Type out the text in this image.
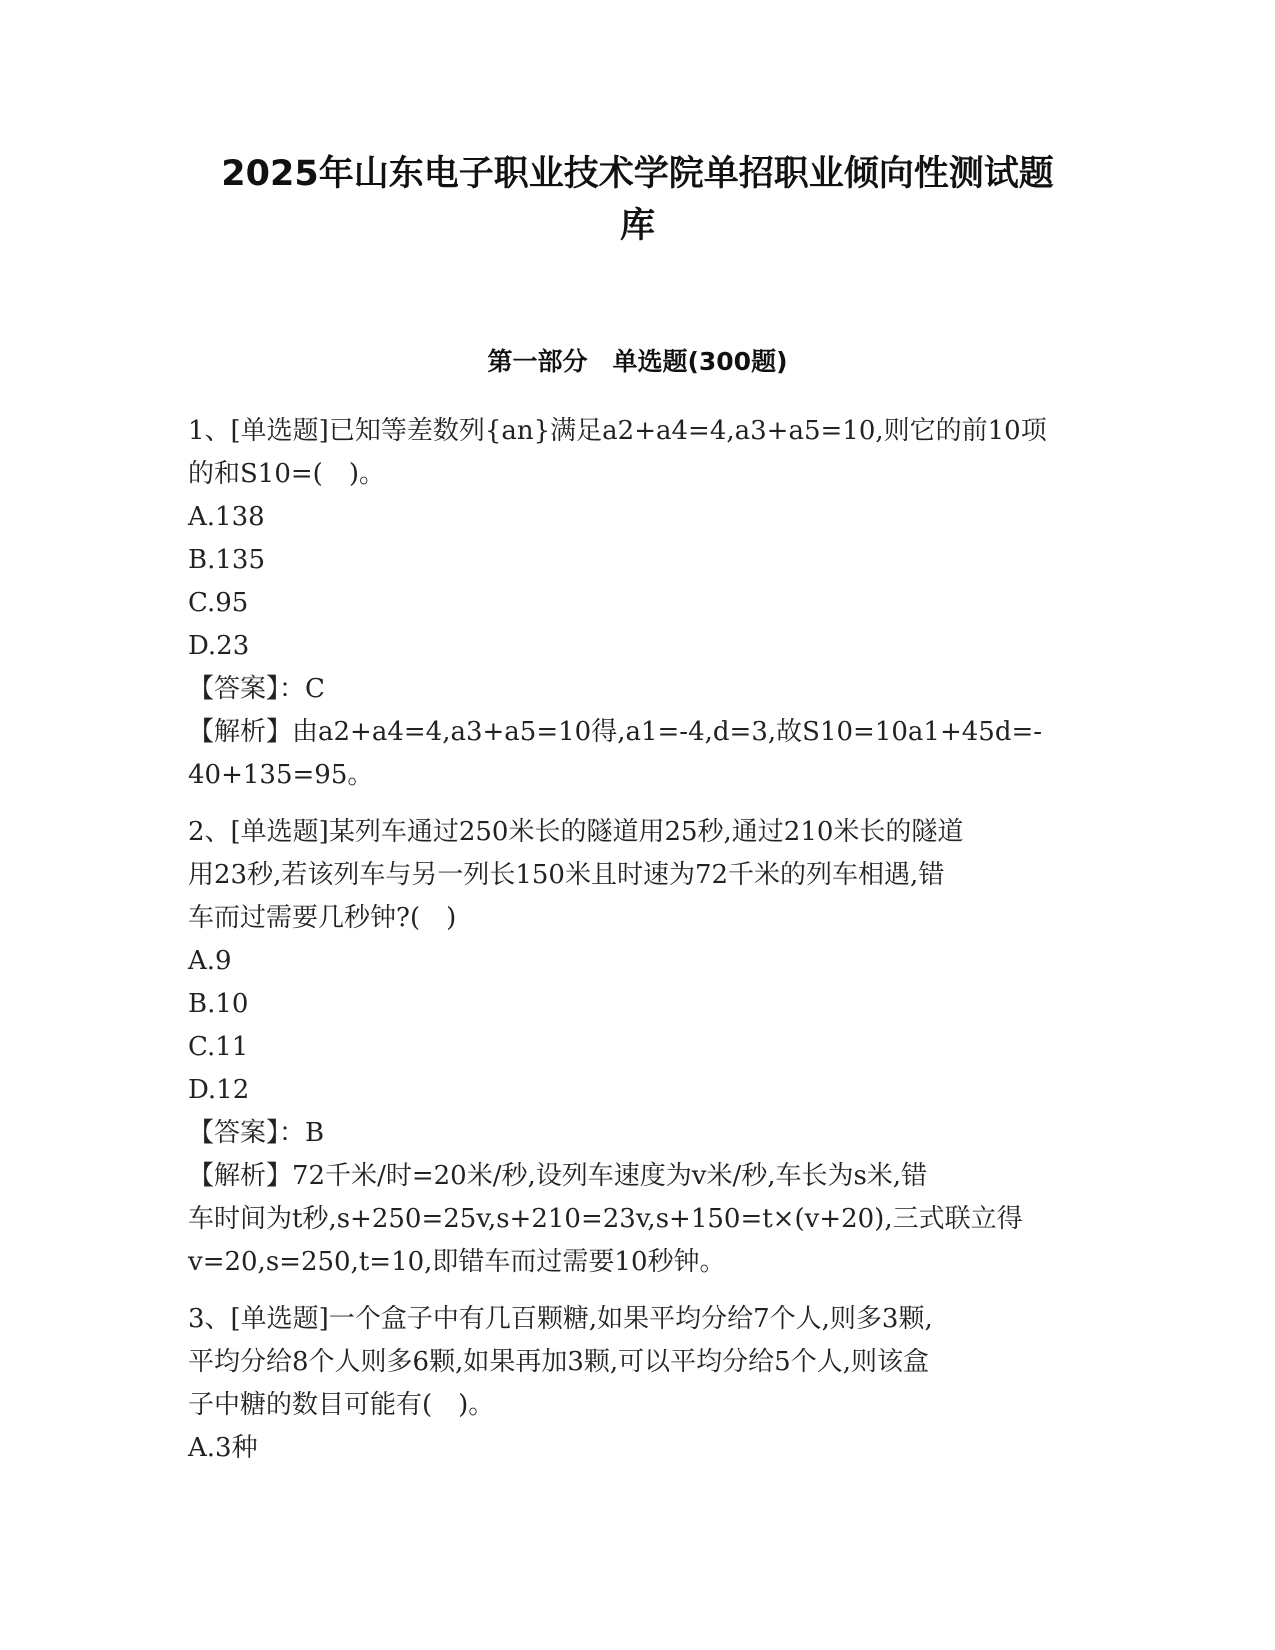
2025年山东电子职业技术学院单招职业倾向性测试题
库
第一部分　单选题(300题)

1、[单选题]已知等差数列{an}满足a2+a4=4,a3+a5=10,则它的前10项

的和S10=(　)。

A.138

B.135

C.95

D.23

【答案】：C

【解析】由a2+a4=4,a3+a5=10得,a1=-4,d=3,故S10=10a1+45d=-

40+135=95。

2、[单选题]某列车通过250米长的隧道用25秒,通过210米长的隧道

用23秒,若该列车与另一列长150米且时速为72千米的列车相遇,错

车而过需要几秒钟?(　)

A.9

B.10

C.11

D.12

【答案】：B

【解析】72千米/时=20米/秒,设列车速度为v米/秒,车长为s米,错

车时间为t秒,s+250=25v,s+210=23v,s+150=t×(v+20),三式联立得

v=20,s=250,t=10,即错车而过需要10秒钟。

3、[单选题]一个盒子中有几百颗糖,如果平均分给7个人,则多3颗,

平均分给8个人则多6颗,如果再加3颗,可以平均分给5个人,则该盒

子中糖的数目可能有(　)。

A.3种
